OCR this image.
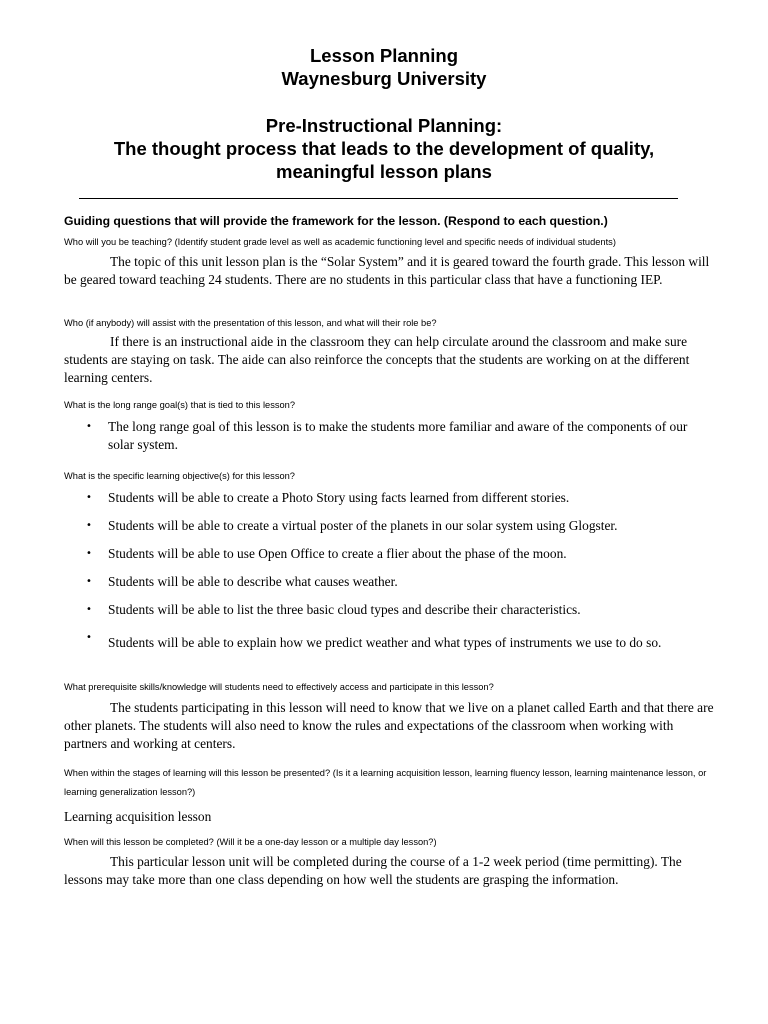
Lesson Planning
Waynesburg University
Pre-Instructional Planning:
The thought process that leads to the development of quality,
meaningful lesson plans
Guiding questions that will provide the framework for the lesson. (Respond to each question.)
Who will you be teaching? (Identify student grade level as well as academic functioning level and specific needs of individual students)
The topic of this unit lesson plan is the “Solar System” and it is geared toward the fourth grade. This lesson will be geared toward teaching 24 students. There are no students in this particular class that have a functioning IEP.
Who (if anybody) will assist with the presentation of this lesson, and what will their role be?
If there is an instructional aide in the classroom they can help circulate around the classroom and make sure students are staying on task. The aide can also reinforce the concepts that the students are working on at the different learning centers.
What is the long range goal(s) that is tied to this lesson?
• The long range goal of this lesson is to make the students more familiar and aware of the components of our solar system.
What is the specific learning objective(s) for this lesson?
• Students will be able to create a Photo Story using facts learned from different stories.
• Students will be able to create a virtual poster of the planets in our solar system using Glogster.
• Students will be able to use Open Office to create a flier about the phase of the moon.
• Students will be able to describe what causes weather.
• Students will be able to list the three basic cloud types and describe their characteristics.
• Students will be able to explain how we predict weather and what types of instruments we use to do so.
What prerequisite skills/knowledge will students need to effectively access and participate in this lesson?
The students participating in this lesson will need to know that we live on a planet called Earth and that there are other planets. The students will also need to know the rules and expectations of the classroom when working with partners and working at centers.
When within the stages of learning will this lesson be presented? (Is it a learning acquisition lesson, learning fluency lesson, learning maintenance lesson, or learning generalization lesson?)
Learning acquisition lesson
When will this lesson be completed? (Will it be a one-day lesson or a multiple day lesson?)
This particular lesson unit will be completed during the course of a 1-2 week period (time permitting). The lessons may take more than one class depending on how well the students are grasping the information.
